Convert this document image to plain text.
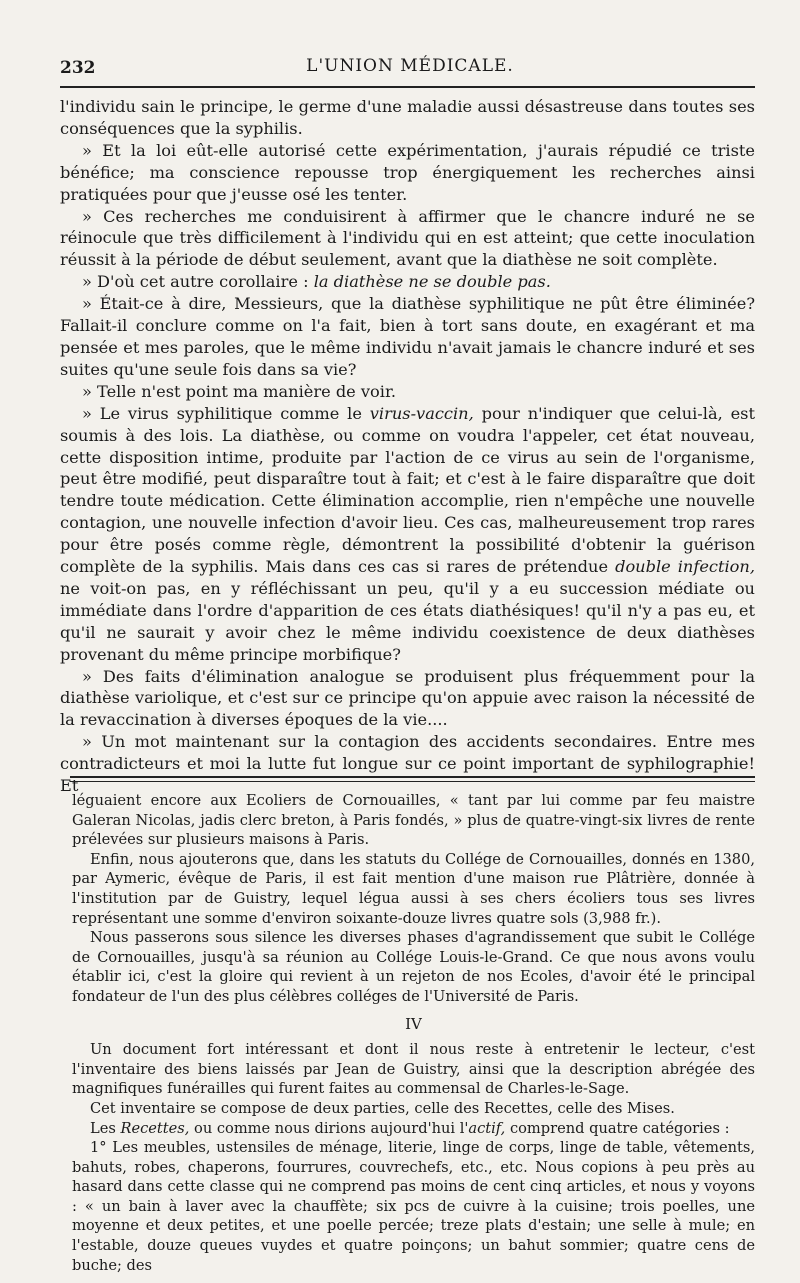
232	L'UNION MÉDICALE.

l'individu sain le principe, le germe d'une maladie aussi désastreuse dans toutes ses conséquences que la syphilis.

» Et la loi eût-elle autorisé cette expérimentation, j'aurais répudié ce triste bénéfice; ma conscience repousse trop énergiquement les recherches ainsi pratiquées pour que j'eusse osé les tenter.

» Ces recherches me conduisirent à affirmer que le chancre induré ne se réinocule que très difficilement à l'individu qui en est atteint; que cette inoculation réussit à la période de début seulement, avant que la diathèse ne soit complète.

» D'où cet autre corollaire : la diathèse ne se double pas.

» Était-ce à dire, Messieurs, que la diathèse syphilitique ne pût être éliminée? Fallait-il conclure comme on l'a fait, bien à tort sans doute, en exagérant et ma pensée et mes paroles, que le même individu n'avait jamais le chancre induré et ses suites qu'une seule fois dans sa vie?

» Telle n'est point ma manière de voir.

» Le virus syphilitique comme le virus-vaccin, pour n'indiquer que celui-là, est soumis à des lois. La diathèse, ou comme on voudra l'appeler, cet état nouveau, cette disposition intime, produite par l'action de ce virus au sein de l'organisme, peut être modifié, peut disparaître tout à fait; et c'est à le faire disparaître que doit tendre toute médication. Cette élimination accomplie, rien n'empêche une nouvelle contagion, une nouvelle infection d'avoir lieu. Ces cas, malheureusement trop rares pour être posés comme règle, démontrent la possibilité d'obtenir la guérison complète de la syphilis. Mais dans ces cas si rares de prétendue double infection, ne voit-on pas, en y réfléchissant un peu, qu'il y a eu succession médiate ou immédiate dans l'ordre d'apparition de ces états diathésiques! qu'il n'y a pas eu, et qu'il ne saurait y avoir chez le même individu coexistence de deux diathèses provenant du même principe morbifique?

» Des faits d'élimination analogue se produisent plus fréquemment pour la diathèse variolique, et c'est sur ce principe qu'on appuie avec raison la nécessité de la revaccination à diverses époques de la vie....

» Un mot maintenant sur la contagion des accidents secondaires. Entre mes contradicteurs et moi la lutte fut longue sur ce point important de syphilographie! Et

léguaient encore aux Ecoliers de Cornouailles, « tant par lui comme par feu maistre Galeran Nicolas, jadis clerc breton, à Paris fondés, » plus de quatre-vingt-six livres de rente prélevées sur plusieurs maisons à Paris.

Enfin, nous ajouterons que, dans les statuts du Collége de Cornouailles, donnés en 1380, par Aymeric, évêque de Paris, il est fait mention d'une maison rue Plâtrière, donnée à l'institution par de Guistry, lequel légua aussi à ses chers écoliers tous ses livres représentant une somme d'environ soixante-douze livres quatre sols (3,988 fr.).

Nous passerons sous silence les diverses phases d'agrandissement que subit le Collége de Cornouailles, jusqu'à sa réunion au Collége Louis-le-Grand. Ce que nous avons voulu établir ici, c'est la gloire qui revient à un rejeton de nos Ecoles, d'avoir été le principal fondateur de l'un des plus célèbres colléges de l'Université de Paris.

IV

Un document fort intéressant et dont il nous reste à entretenir le lecteur, c'est l'inventaire des biens laissés par Jean de Guistry, ainsi que la description abrégée des magnifiques funérailles qui furent faites au commensal de Charles-le-Sage.

Cet inventaire se compose de deux parties, celle des Recettes, celle des Mises.

Les Recettes, ou comme nous dirions aujourd'hui l'actif, comprend quatre catégories :

1° Les meubles, ustensiles de ménage, literie, linge de corps, linge de table, vêtements, bahuts, robes, chaperons, fourrures, couvrechefs, etc., etc. Nous copions à peu près au hasard dans cette classe qui ne comprend pas moins de cent cinq articles, et nous y voyons : « un bain à laver avec la chauffète; six pcs de cuivre à la cuisine; trois poelles, une moyenne et deux petites, et une poelle percée; treze plats d'estain; une selle à mule; en l'estable, douze queues vuydes et quatre poinçons; un bahut sommier; quatre cens de buche; des
